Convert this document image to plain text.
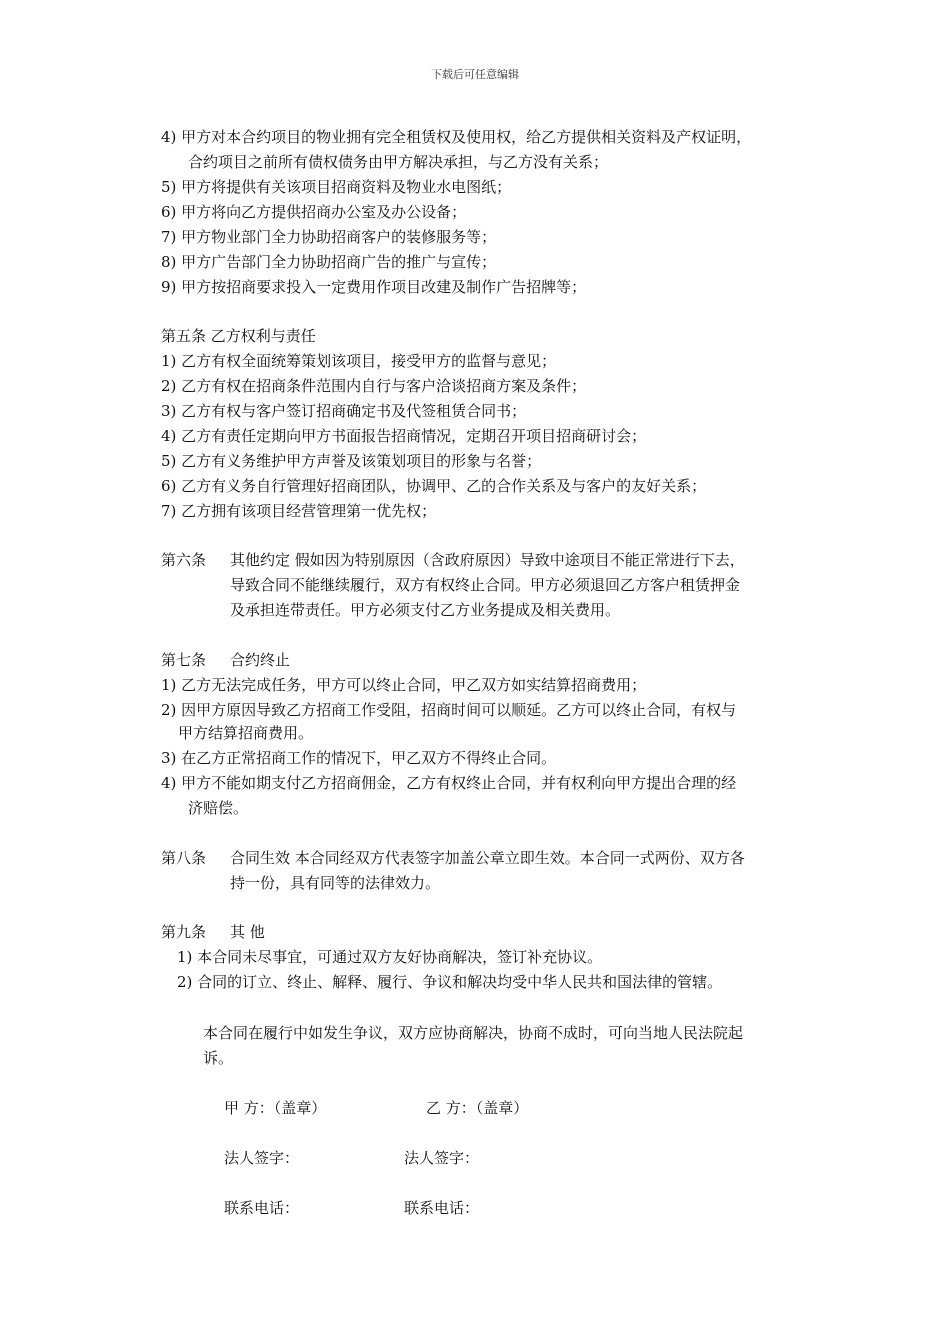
下载后可任意编辑
4) 甲方对本合约项目的物业拥有完全租赁权及使用权，给乙方提供相关资料及产权证明，
合约项目之前所有债权债务由甲方解决承担，与乙方没有关系；
5) 甲方将提供有关该项目招商资料及物业水电图纸；
6) 甲方将向乙方提供招商办公室及办公设备；
7) 甲方物业部门全力协助招商客户的装修服务等；
8) 甲方广告部门全力协助招商广告的推广与宣传；
9) 甲方按招商要求投入一定费用作项目改建及制作广告招牌等；
第五条 乙方权利与责任
1) 乙方有权全面统筹策划该项目，接受甲方的监督与意见；
2) 乙方有权在招商条件范围内自行与客户洽谈招商方案及条件；
3) 乙方有权与客户签订招商确定书及代签租赁合同书；
4) 乙方有责任定期向甲方书面报告招商情况，定期召开项目招商研讨会；
5) 乙方有义务维护甲方声誉及该策划项目的形象与名誉；
6) 乙方有义务自行管理好招商团队，协调甲、乙的合作关系及与客户的友好关系；
7) 乙方拥有该项目经营管理第一优先权；
第六条 其他约定 假如因为特别原因（含政府原因）导致中途项目不能正常进行下去，
导致合同不能继续履行，双方有权终止合同。甲方必须退回乙方客户租赁押金
及承担连带责任。甲方必须支付乙方业务提成及相关费用。
第七条 合约终止
1) 乙方无法完成任务，甲方可以终止合同，甲乙双方如实结算招商费用；
2) 因甲方原因导致乙方招商工作受阻，招商时间可以顺延。乙方可以终止合同，有权与
甲方结算招商费用。
3) 在乙方正常招商工作的情况下，甲乙双方不得终止合同。
4) 甲方不能如期支付乙方招商佣金，乙方有权终止合同，并有权利向甲方提出合理的经
济赔偿。
第八条 合同生效 本合同经双方代表签字加盖公章立即生效。本合同一式两份、双方各
持一份，具有同等的法律效力。
第九条 其 他
1) 本合同未尽事宜，可通过双方友好协商解决，签订补充协议。
2) 合同的订立、终止、解释、履行、争议和解决均受中华人民共和国法律的管辖。
本合同在履行中如发生争议，双方应协商解决，协商不成时，可向当地人民法院起
诉。
甲 方：（盖章）	乙 方：（盖章）
法人签字：	法人签字：
联系电话：	联系电话：
